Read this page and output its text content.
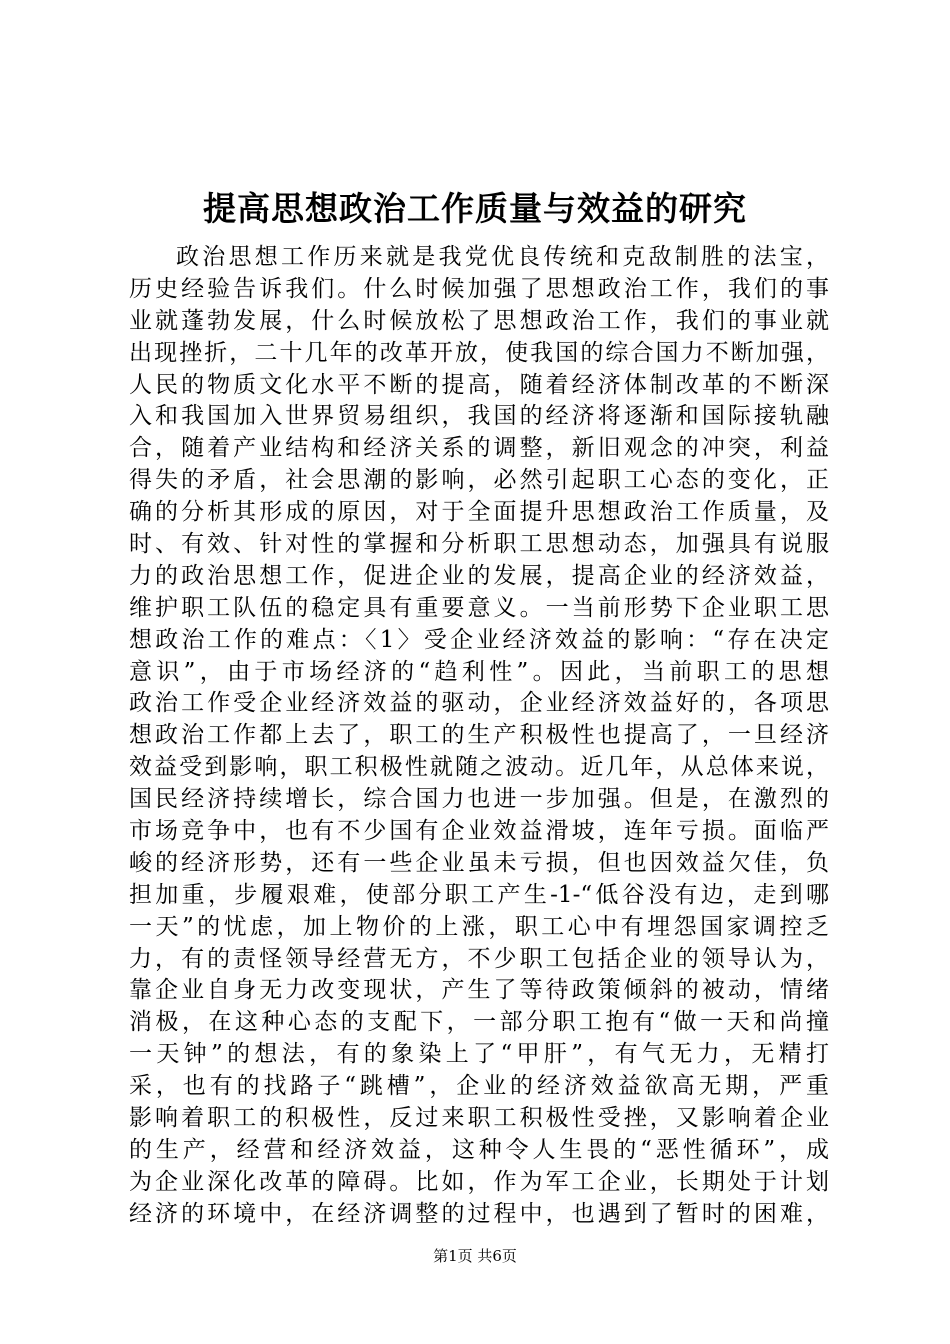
提高思想政治工作质量与效益的研究
政治思想工作历来就是我党优良传统和克敌制胜的法宝，
历史经验告诉我们。什么时候加强了思想政治工作，我们的事
业就蓬勃发展，什么时候放松了思想政治工作，我们的事业就
出现挫折，二十几年的改革开放，使我国的综合国力不断加强，
人民的物质文化水平不断的提高，随着经济体制改革的不断深
入和我国加入世界贸易组织，我国的经济将逐渐和国际接轨融
合，随着产业结构和经济关系的调整，新旧观念的冲突，利益
得失的矛盾，社会思潮的影响，必然引起职工心态的变化，正
确的分析其形成的原因，对于全面提升思想政治工作质量，及
时、有效、针对性的掌握和分析职工思想动态，加强具有说服
力的政治思想工作，促进企业的发展，提高企业的经济效益，
维护职工队伍的稳定具有重要意义。一当前形势下企业职工思
想政治工作的难点：〈1〉受企业经济效益的影响：“存在决定
意识”，由于市场经济的“趋利性”。因此，当前职工的思想
政治工作受企业经济效益的驱动，企业经济效益好的，各项思
想政治工作都上去了，职工的生产积极性也提高了，一旦经济
效益受到影响，职工积极性就随之波动。近几年，从总体来说，
国民经济持续增长，综合国力也进一步加强。但是，在激烈的
市场竞争中，也有不少国有企业效益滑坡，连年亏损。面临严
峻的经济形势，还有一些企业虽未亏损，但也因效益欠佳，负
担加重，步履艰难，使部分职工产生-1-“低谷没有边，走到哪
一天”的忧虑，加上物价的上涨，职工心中有埋怨国家调控乏
力，有的责怪领导经营无方，不少职工包括企业的领导认为，
靠企业自身无力改变现状，产生了等待政策倾斜的被动，情绪
消极，在这种心态的支配下，一部分职工抱有“做一天和尚撞
一天钟”的想法，有的象染上了“甲肝”，有气无力，无精打
采，也有的找路子“跳槽”，企业的经济效益欲高无期，严重
影响着职工的积极性，反过来职工积极性受挫，又影响着企业
的生产，经营和经济效益，这种令人生畏的“恶性循环”，成
为企业深化改革的障碍。比如，作为军工企业，长期处于计划
经济的环境中，在经济调整的过程中，也遇到了暂时的困难，
第1页 共6页
